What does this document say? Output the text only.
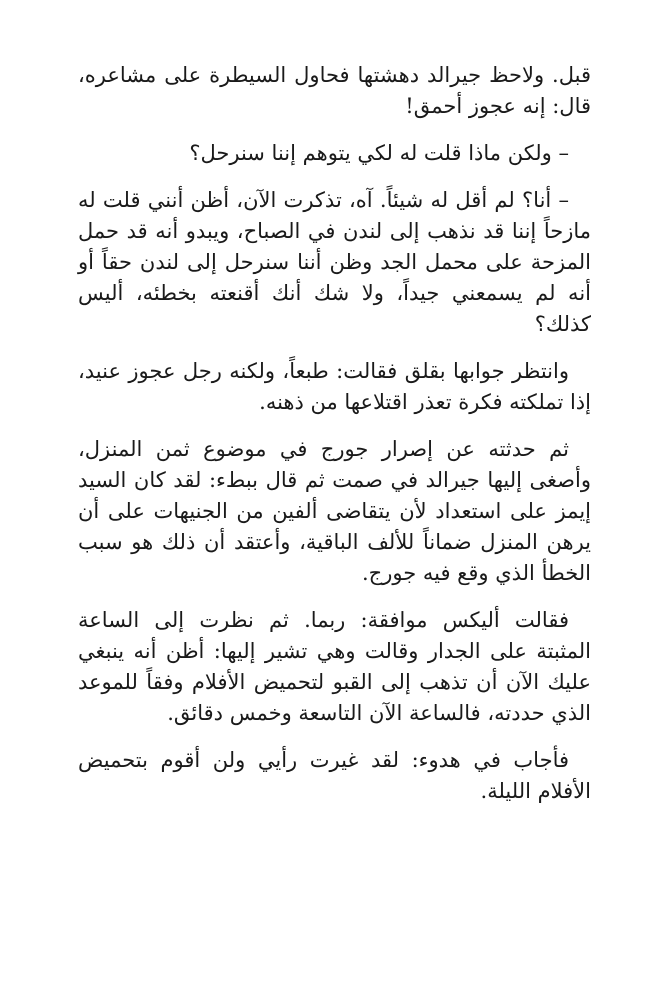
قبل. ولاحظ جيرالد دهشتها فحاول السيطرة على مشاعره، قال: إنه عجوز أحمق!

– ولكن ماذا قلت له لكي يتوهم إننا سنرحل؟

– أنا؟ لم أقل له شيئاً. آه، تذكرت الآن، أظن أنني قلت له مازحاً إننا قد نذهب إلى لندن في الصباح، ويبدو أنه قد حمل المزحة على محمل الجد وظن أننا سنرحل إلى لندن حقاً أو أنه لم يسمعني جيداً، ولا شك أنك أقنعته بخطئه، أليس كذلك؟

وانتظر جوابها بقلق فقالت: طبعاً، ولكنه رجل عجوز عنيد، إذا تملكته فكرة تعذر اقتلاعها من ذهنه.

ثم حدثته عن إصرار جورج في موضوع ثمن المنزل، وأصغى إليها جيرالد في صمت ثم قال ببطء: لقد كان السيد إيمز على استعداد لأن يتقاضى ألفين من الجنيهات على أن يرهن المنزل ضماناً للألف الباقية، وأعتقد أن ذلك هو سبب الخطأ الذي وقع فيه جورج.

فقالت أليكس موافقة: ربما. ثم نظرت إلى الساعة المثبتة على الجدار وقالت وهي تشير إليها: أظن أنه ينبغي عليك الآن أن تذهب إلى القبو لتحميض الأفلام وفقاً للموعد الذي حددته، فالساعة الآن التاسعة وخمس دقائق.

فأجاب في هدوء: لقد غيرت رأيي ولن أقوم بتحميض الأفلام الليلة.
